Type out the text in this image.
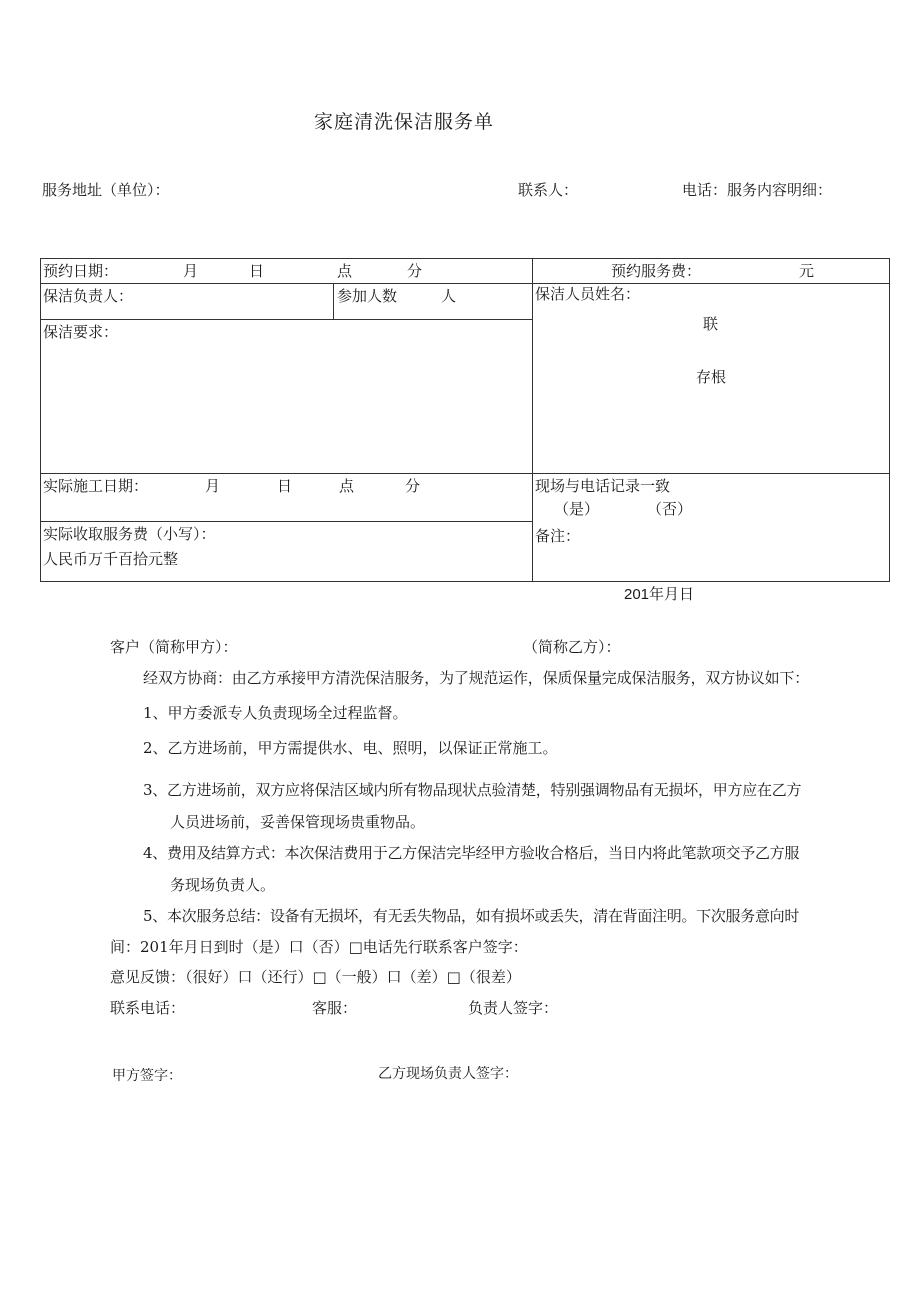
家庭清洗保洁服务单
服务地址（单位）：	联系人：	电话：服务内容明细：
预约日期：	月	日	点	分	预约服务费：	元
保洁负责人：	参加人数	人	保洁人员姓名：
联
存根
保洁要求：
实际施工日期：	月	日	点	分	现场与电话记录一致
（是）	（否）
实际收取服务费（小写）：
人民币万千百拾元整
备注：
201年月日
客户（简称甲方）：	（简称乙方）：
经双方协商：由乙方承接甲方清洗保洁服务，为了规范运作，保质保量完成保洁服务，双方协议如下：
1、甲方委派专人负责现场全过程监督。
2、乙方进场前，甲方需提供水、电、照明，以保证正常施工。
3、乙方进场前，双方应将保洁区域内所有物品现状点验清楚，特别强调物品有无损坏，甲方应在乙方
人员进场前，妥善保管现场贵重物品。
4、费用及结算方式：本次保洁费用于乙方保洁完毕经甲方验收合格后，当日内将此笔款项交予乙方服
务现场负责人。
5、本次服务总结：设备有无损坏，有无丢失物品，如有损坏或丢失，清在背面注明。下次服务意向时
间：201年月日到时（是）口（否）□电话先行联系客户签字：
意见反馈：（很好）口（还行）□（一般）口（差）□（很差）
联系电话：	客服：	负责人签字：
甲方签字：	乙方现场负责人签字：
